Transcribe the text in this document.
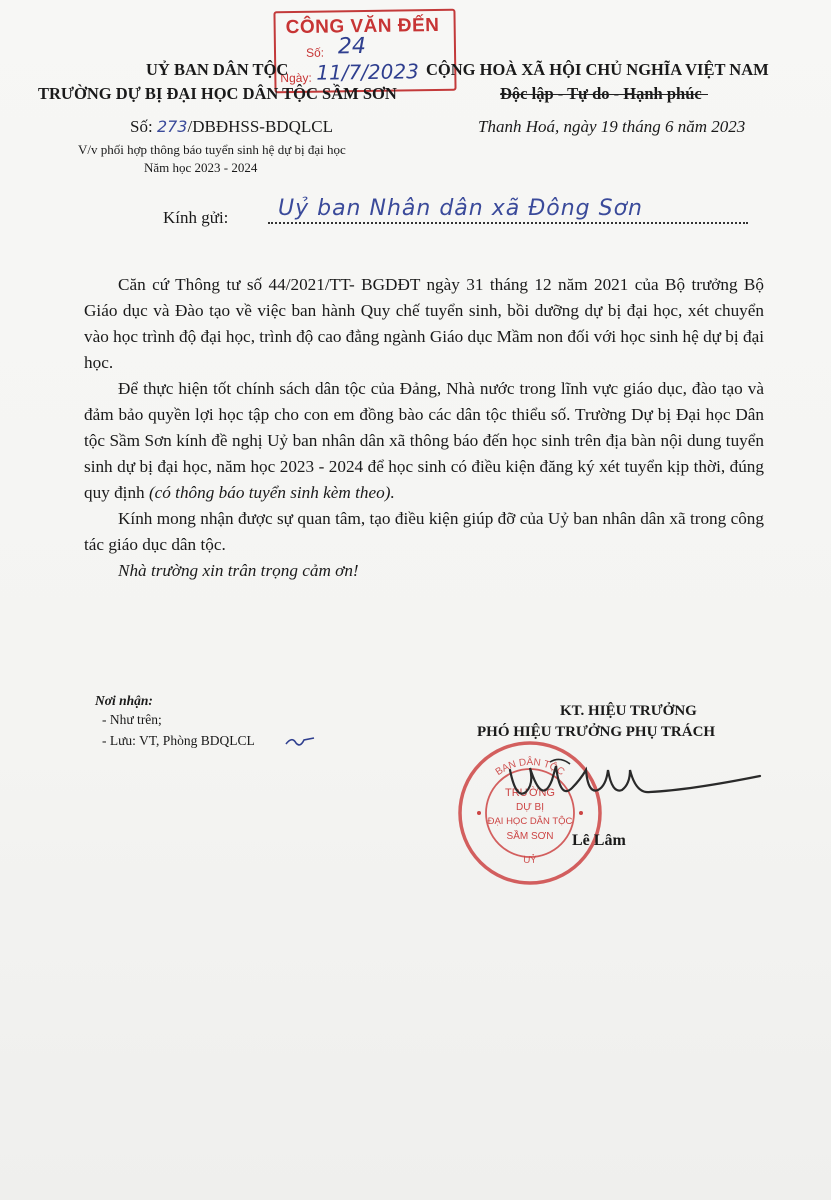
CÔNG VĂN ĐẾN
Số: 24
Ngày: 11/7/2023
UỶ BAN DÂN TỘC
TRƯỜNG DỰ BỊ ĐẠI HỌC DÂN TỘC SẦM SƠN
Số: 273/DBĐHSS-BDQLCL
V/v phối hợp thông báo tuyển sinh hệ dự bị đại học
Năm học 2023 - 2024
CỘNG HOÀ XÃ HỘI CHỦ NGHĨA VIỆT NAM
Độc lập - Tự do - Hạnh phúc
Thanh Hoá, ngày 19 tháng 6 năm 2023
Kính gửi: Uỷ ban Nhân dân xã Đông Sơn

Căn cứ Thông tư số 44/2021/TT- BGDĐT ngày 31 tháng 12 năm 2021 của Bộ trưởng Bộ Giáo dục và Đào tạo về việc ban hành Quy chế tuyển sinh, bồi dưỡng dự bị đại học, xét chuyển vào học trình độ đại học, trình độ cao đẳng ngành Giáo dục Mầm non đối với học sinh hệ dự bị đại học.

Để thực hiện tốt chính sách dân tộc của Đảng, Nhà nước trong lĩnh vực giáo dục, đào tạo và đảm bảo quyền lợi học tập cho con em đồng bào các dân tộc thiểu số. Trường Dự bị Đại học Dân tộc Sầm Sơn kính đề nghị Uỷ ban nhân dân xã thông báo đến học sinh trên địa bàn nội dung tuyển sinh dự bị đại học, năm học 2023 - 2024 để học sinh có điều kiện đăng ký xét tuyển kịp thời, đúng quy định (có thông báo tuyển sinh kèm theo).

Kính mong nhận được sự quan tâm, tạo điều kiện giúp đỡ của Uỷ ban nhân dân xã trong công tác giáo dục dân tộc.

Nhà trường xin trân trọng cảm ơn!

Nơi nhận:
- Như trên;
- Lưu: VT, Phòng BDQLCL
KT. HIỆU TRƯỞNG
PHÓ HIỆU TRƯỞNG PHỤ TRÁCH
BAN DÂN TỘC
UỶ
TRƯỜNG
DỰ BỊ
ĐẠI HỌC DÂN TỘC
SẦM SƠN Lê Lâm
